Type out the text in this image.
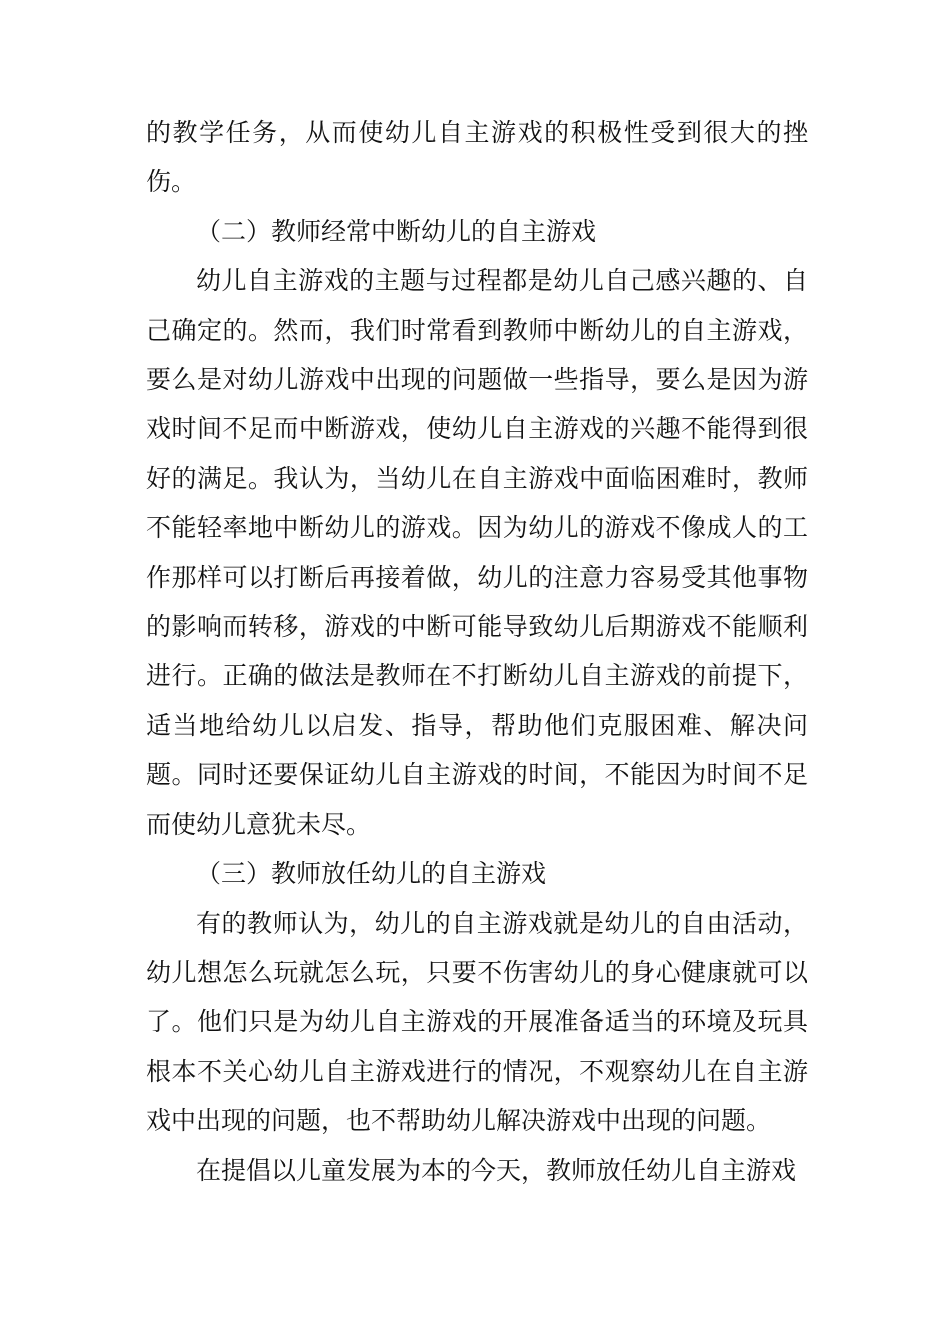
的教学任务，从而使幼儿自主游戏的积极性受到很大的挫伤。

（二）教师经常中断幼儿的自主游戏

幼儿自主游戏的主题与过程都是幼儿自己感兴趣的、自己确定的。然而，我们时常看到教师中断幼儿的自主游戏，要么是对幼儿游戏中出现的问题做一些指导，要么是因为游戏时间不足而中断游戏，使幼儿自主游戏的兴趣不能得到很好的满足。我认为，当幼儿在自主游戏中面临困难时，教师不能轻率地中断幼儿的游戏。因为幼儿的游戏不像成人的工作那样可以打断后再接着做，幼儿的注意力容易受其他事物的影响而转移，游戏的中断可能导致幼儿后期游戏不能顺利进行。正确的做法是教师在不打断幼儿自主游戏的前提下，适当地给幼儿以启发、指导，帮助他们克服困难、解决问题。同时还要保证幼儿自主游戏的时间，不能因为时间不足而使幼儿意犹未尽。

（三）教师放任幼儿的自主游戏

有的教师认为，幼儿的自主游戏就是幼儿的自由活动，幼儿想怎么玩就怎么玩，只要不伤害幼儿的身心健康就可以了。他们只是为幼儿自主游戏的开展准备适当的环境及玩具根本不关心幼儿自主游戏进行的情况，不观察幼儿在自主游戏中出现的问题，也不帮助幼儿解决游戏中出现的问题。

在提倡以儿童发展为本的今天，教师放任幼儿自主游戏
